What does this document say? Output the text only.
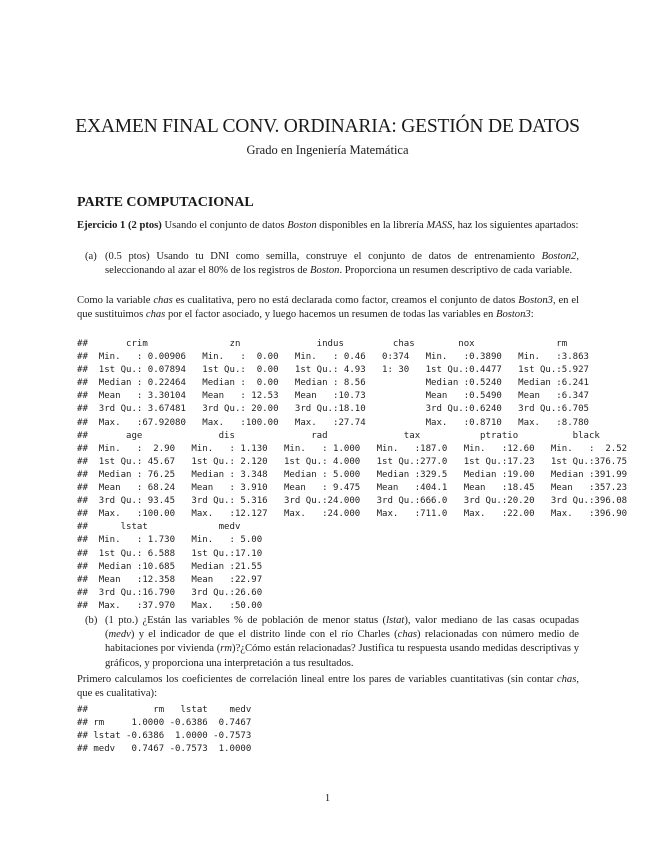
EXAMEN FINAL CONV. ORDINARIA: GESTIÓN DE DATOS
Grado en Ingeniería Matemática
PARTE COMPUTACIONAL
Ejercicio 1 (2 ptos) Usando el conjunto de datos Boston disponibles en la librería MASS, haz los siguientes apartados:
(a) (0.5 ptos) Usando tu DNI como semilla, construye el conjunto de datos de entrenamiento Boston2, seleccionando al azar el 80% de los registros de Boston. Proporciona un resumen descriptivo de cada variable.
Como la variable chas es cualitativa, pero no está declarada como factor, creamos el conjunto de datos Boston3, en el que sustituimos chas por el factor asociado, y luego hacemos un resumen de todas las variables en Boston3:
##       crim               zn              indus         chas        nox               rm
##  Min.   : 0.00906   Min.   :  0.00   Min.   : 0.46   0:374   Min.   :0.3890   Min.   :3.863
##  1st Qu.: 0.07894   1st Qu.:  0.00   1st Qu.: 4.93   1: 30   1st Qu.:0.4477   1st Qu.:5.927
##  Median : 0.22464   Median :  0.00   Median : 8.56           Median :0.5240   Median :6.241
##  Mean   : 3.30104   Mean   : 12.53   Mean   :10.73           Mean   :0.5490   Mean   :6.347
##  3rd Qu.: 3.67481   3rd Qu.: 20.00   3rd Qu.:18.10           3rd Qu.:0.6240   3rd Qu.:6.705
##  Max.   :67.92080   Max.   :100.00   Max.   :27.74           Max.   :0.8710   Max.   :8.780
##       age              dis              rad              tax           ptratio          black
##  Min.   :  2.90   Min.   : 1.130   Min.   : 1.000   Min.   :187.0   Min.   :12.60   Min.   :  2.52
##  1st Qu.: 45.67   1st Qu.: 2.120   1st Qu.: 4.000   1st Qu.:277.0   1st Qu.:17.23   1st Qu.:376.75
##  Median : 76.25   Median : 3.348   Median : 5.000   Median :329.5   Median :19.00   Median :391.99
##  Mean   : 68.24   Mean   : 3.910   Mean   : 9.475   Mean   :404.1   Mean   :18.45   Mean   :357.23
##  3rd Qu.: 93.45   3rd Qu.: 5.316   3rd Qu.:24.000   3rd Qu.:666.0   3rd Qu.:20.20   3rd Qu.:396.08
##  Max.   :100.00   Max.   :12.127   Max.   :24.000   Max.   :711.0   Max.   :22.00   Max.   :396.90
##      lstat             medv
##  Min.   : 1.730   Min.   : 5.00
##  1st Qu.: 6.588   1st Qu.:17.10
##  Median :10.685   Median :21.55
##  Mean   :12.358   Mean   :22.97
##  3rd Qu.:16.790   3rd Qu.:26.60
##  Max.   :37.970   Max.   :50.00
(b) (1 pto.) ¿Están las variables % de población de menor status (lstat), valor mediano de las casas ocupadas (medv) y el indicador de que el distrito linde con el río Charles (chas) relacionadas con número medio de habitaciones por vivienda (rm)?¿Cómo están relacionadas? Justifica tu respuesta usando medidas descriptivas y gráficos, y proporciona una interpretación a tus resultados.
Primero calculamos los coeficientes de correlación lineal entre los pares de variables cuantitativas (sin contar chas, que es cualitativa):
##            rm   lstat    medv
## rm     1.0000 -0.6386  0.7467
## lstat -0.6386  1.0000 -0.7573
## medv   0.7467 -0.7573  1.0000
1
